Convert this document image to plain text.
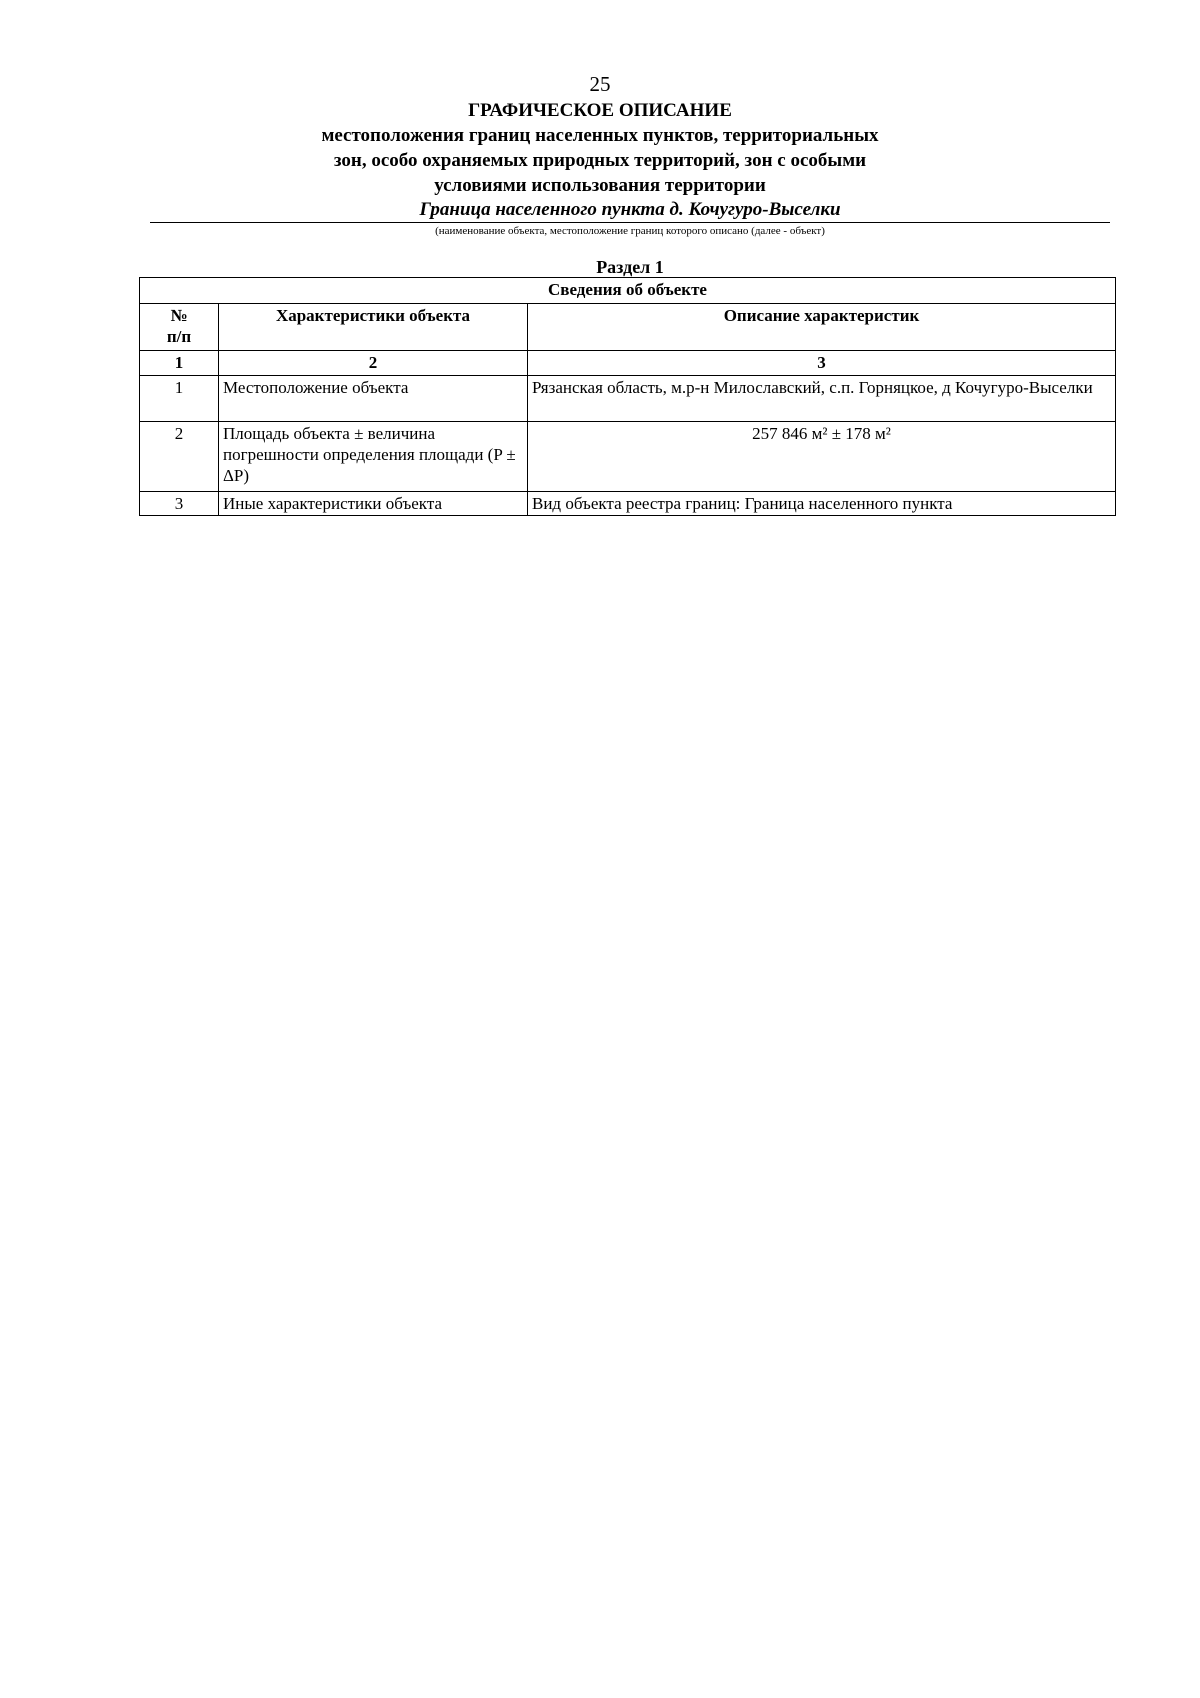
25
ГРАФИЧЕСКОЕ ОПИСАНИЕ
местоположения границ населенных пунктов, территориальных
зон, особо охраняемых природных территорий, зон с особыми
условиями использования территории
Граница населенного пункта д. Кочугуро-Выселки
(наименование объекта, местоположение границ которого описано (далее - объект)
Раздел 1
Сведения об объекте		
№
п/п	Характеристики объекта	Описание характеристик
1	2	3
1	Местоположение объекта	Рязанская область, м.р-н Милославский, с.п. Горняцкое, д Кочугуро-Выселки
2	Площадь объекта ± величина погрешности определения площади (P ± ΔP)	257 846 м² ± 178 м²
3	Иные характеристики объекта	Вид объекта реестра границ: Граница населенного пункта
